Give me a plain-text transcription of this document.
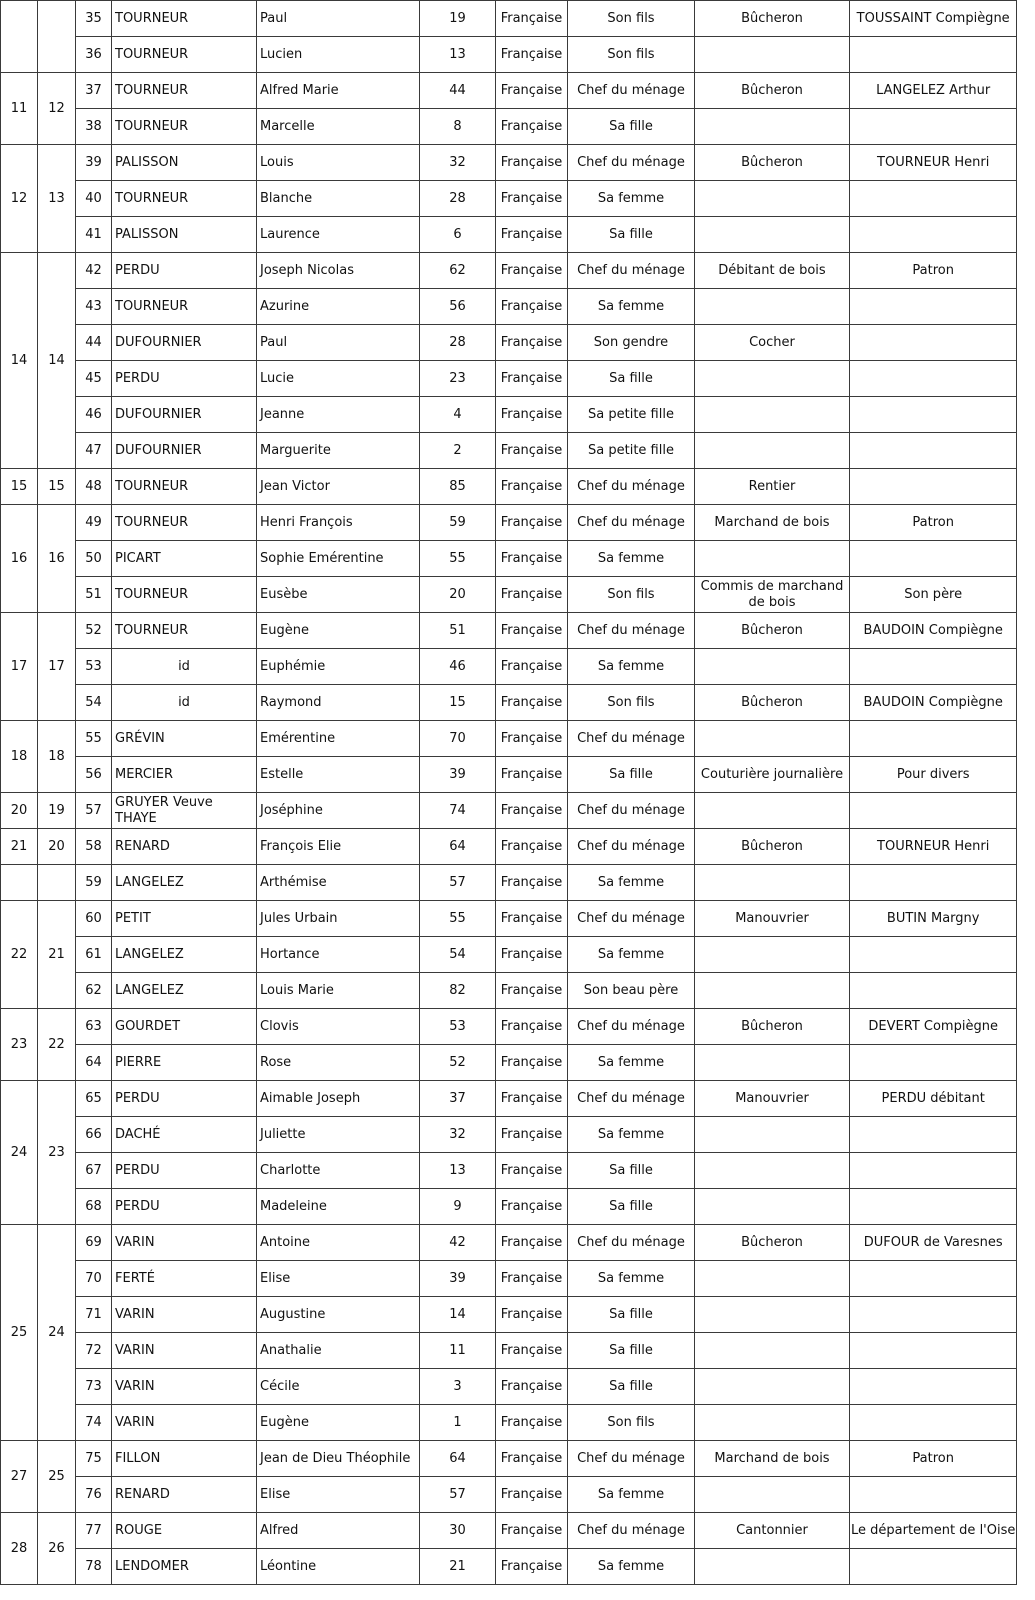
		35	TOURNEUR	Paul	19	Française	Son fils	Bûcheron	TOUSSAINT Compiègne
		36	TOURNEUR	Lucien	13	Française	Son fils		
11	12	37	TOURNEUR	Alfred Marie	44	Française	Chef du ménage	Bûcheron	LANGELEZ Arthur
		38	TOURNEUR	Marcelle	8	Française	Sa fille		
12	13	39	PALISSON	Louis	32	Française	Chef du ménage	Bûcheron	TOURNEUR Henri
		40	TOURNEUR	Blanche	28	Française	Sa femme		
		41	PALISSON	Laurence	6	Française	Sa fille		
14	14	42	PERDU	Joseph Nicolas	62	Française	Chef du ménage	Débitant de bois	Patron
		43	TOURNEUR	Azurine	56	Française	Sa femme		
		44	DUFOURNIER	Paul	28	Française	Son gendre	Cocher	
		45	PERDU	Lucie	23	Française	Sa fille		
		46	DUFOURNIER	Jeanne	4	Française	Sa petite fille		
		47	DUFOURNIER	Marguerite	2	Française	Sa petite fille		
15	15	48	TOURNEUR	Jean Victor	85	Française	Chef du ménage	Rentier	
16	16	49	TOURNEUR	Henri François	59	Française	Chef du ménage	Marchand de bois	Patron
		50	PICART	Sophie Emérentine	55	Française	Sa femme		
		51	TOURNEUR	Eusèbe	20	Française	Son fils	Commis de marchand de bois	Son père
17	17	52	TOURNEUR	Eugène	51	Française	Chef du ménage	Bûcheron	BAUDOIN Compiègne
		53	id	Euphémie	46	Française	Sa femme		
		54	id	Raymond	15	Française	Son fils	Bûcheron	BAUDOIN Compiègne
18	18	55	GRÉVIN	Emérentine	70	Française	Chef du ménage		
		56	MERCIER	Estelle	39	Française	Sa fille	Couturière journalière	Pour divers
20	19	57	GRUYER Veuve THAYE	Joséphine	74	Française	Chef du ménage		
21	20	58	RENARD	François Elie	64	Française	Chef du ménage	Bûcheron	TOURNEUR Henri
		59	LANGELEZ	Arthémise	57	Française	Sa femme		
22	21	60	PETIT	Jules Urbain	55	Française	Chef du ménage	Manouvrier	BUTIN Margny
		61	LANGELEZ	Hortance	54	Française	Sa femme		
		62	LANGELEZ	Louis Marie	82	Française	Son beau père		
23	22	63	GOURDET	Clovis	53	Française	Chef du ménage	Bûcheron	DEVERT Compiègne
		64	PIERRE	Rose	52	Française	Sa femme		
24	23	65	PERDU	Aimable Joseph	37	Française	Chef du ménage	Manouvrier	PERDU débitant
		66	DACHÉ	Juliette	32	Française	Sa femme		
		67	PERDU	Charlotte	13	Française	Sa fille		
		68	PERDU	Madeleine	9	Française	Sa fille		
25	24	69	VARIN	Antoine	42	Française	Chef du ménage	Bûcheron	DUFOUR de Varesnes
		70	FERTÉ	Elise	39	Française	Sa femme		
		71	VARIN	Augustine	14	Française	Sa fille		
		72	VARIN	Anathalie	11	Française	Sa fille		
		73	VARIN	Cécile	3	Française	Sa fille		
		74	VARIN	Eugène	1	Française	Son fils		
27	25	75	FILLON	Jean de Dieu Théophile	64	Française	Chef du ménage	Marchand de bois	Patron
		76	RENARD	Elise	57	Française	Sa femme		
28	26	77	ROUGE	Alfred	30	Française	Chef du ménage	Cantonnier	Le département de l'Oise
		78	LENDOMER	Léontine	21	Française	Sa femme		
